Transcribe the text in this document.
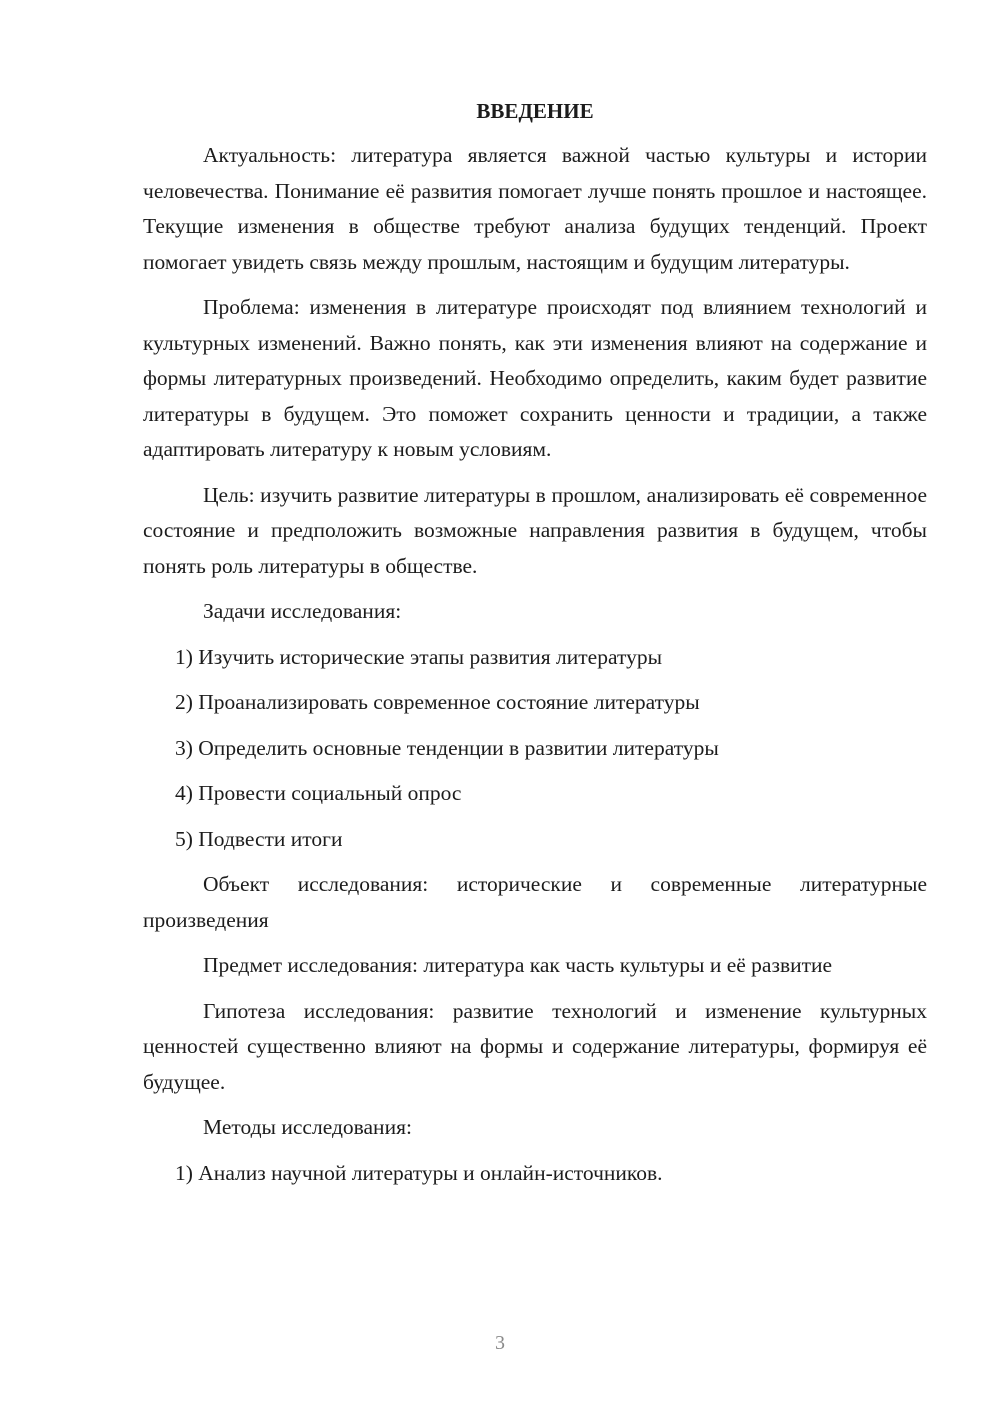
ВВЕДЕНИЕ

Актуальность: литература является важной частью культуры и истории человечества. Понимание её развития помогает лучше понять прошлое и настоящее. Текущие изменения в обществе требуют анализа будущих тенденций. Проект помогает увидеть связь между прошлым, настоящим и будущим литературы.

Проблема: изменения в литературе происходят под влиянием технологий и культурных изменений. Важно понять, как эти изменения влияют на содержание и формы литературных произведений. Необходимо определить, каким будет развитие литературы в будущем. Это поможет сохранить ценности и традиции, а также адаптировать литературу к новым условиям.

Цель: изучить развитие литературы в прошлом, анализировать её современное состояние и предположить возможные направления развития в будущем, чтобы понять роль литературы в обществе.

Задачи исследования:

1) Изучить исторические этапы развития литературы
2) Проанализировать современное состояние литературы
3) Определить основные тенденции в развитии литературы
4) Провести социальный опрос
5) Подвести итоги

Объект исследования: исторические и современные литературные произведения

Предмет исследования: литература как часть культуры и её развитие

Гипотеза исследования: развитие технологий и изменение культурных ценностей существенно влияют на формы и содержание литературы, формируя её будущее.

Методы исследования:

1) Анализ научной литературы и онлайн-источников.
3
